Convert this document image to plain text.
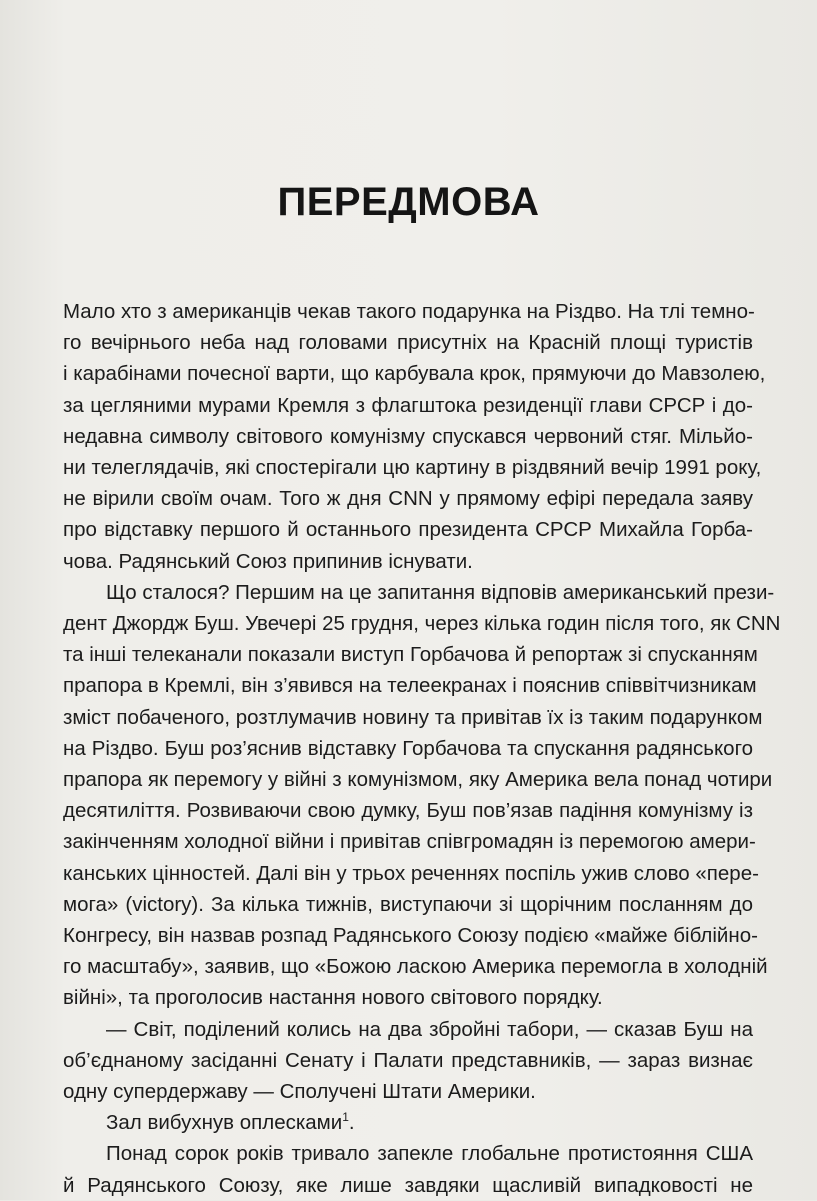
ПЕРЕДМОВА

Мало хто з американців чекав такого подарунка на Різдво. На тлі темно-
го вечірнього неба над головами присутніх на Красній площі туристів
і карабінами почесної варти, що карбувала крок, прямуючи до Мавзолею,
за цегляними мурами Кремля з флагштока резиденції глави СРСР і до-
недавна символу світового комунізму спускався червоний стяг. Мільйо-
ни телеглядачів, які спостерігали цю картину в різдвяний вечір 1991 року,
не вірили своїм очам. Того ж дня CNN у прямому ефірі передала заяву
про відставку першого й останнього президента СРСР Михайла Горба-
чова. Радянський Союз припинив існувати.

Що сталося? Першим на це запитання відповів американський прези-
дент Джордж Буш. Увечері 25 грудня, через кілька годин після того, як CNN
та інші телеканали показали виступ Горбачова й репортаж зі спусканням
прапора в Кремлі, він з’явився на телеекранах і пояснив співвітчизникам
зміст побаченого, розтлумачив новину та привітав їх із таким подарунком
на Різдво. Буш роз’яснив відставку Горбачова та спускання радянського
прапора як перемогу у війні з комунізмом, яку Америка вела понад чотири
десятиліття. Розвиваючи свою думку, Буш пов’язав падіння комунізму із
закінченням холодної війни і привітав співгромадян із перемогою амери-
канських цінностей. Далі він у трьох реченнях поспіль ужив слово «пере-
мога» (victory). За кілька тижнів, виступаючи зі щорічним посланням до
Конгресу, він назвав розпад Радянського Союзу подією «майже біблійно-
го масштабу», заявив, що «Божою ласкою Америка перемогла в холодній
війні», та проголосив настання нового світового порядку.

— Світ, поділений колись на два збройні табори, — сказав Буш на
об’єднаному засіданні Сенату і Палати представників, — зараз визнає
одну супердержаву — Сполучені Штати Америки.

Зал вибухнув оплесками$^1$.

Понад сорок років тривало запекле глобальне протистояння США
й Радянського Союзу, яке лише завдяки щасливій випадковості не
